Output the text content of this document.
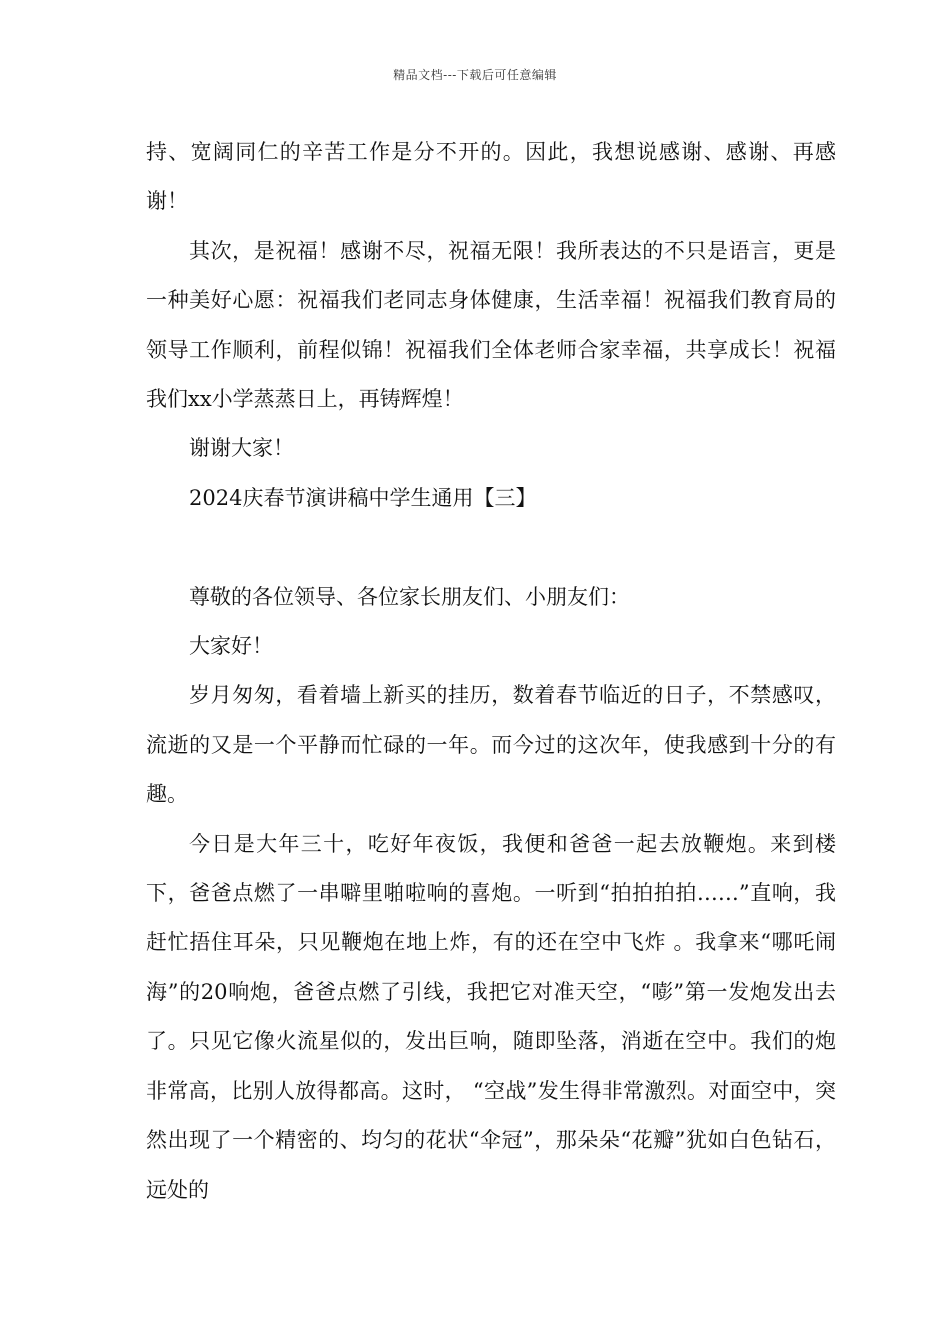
精品文档---下载后可任意编辑

持、宽阔同仁的辛苦工作是分不开的。因此，我想说感谢、感谢、再感谢！

其次，是祝福！感谢不尽，祝福无限！我所表达的不只是语言，更是一种美好心愿：祝福我们老同志身体健康，生活幸福！祝福我们教育局的领导工作顺利，前程似锦！祝福我们全体老师合家幸福，共享成长！祝福我们xx小学蒸蒸日上，再铸辉煌！

谢谢大家！

2024庆春节演讲稿中学生通用【三】

尊敬的各位领导、各位家长朋友们、小朋友们：

大家好！

岁月匆匆，看着墙上新买的挂历，数着春节临近的日子，不禁感叹，流逝的又是一个平静而忙碌的一年。而今过的这次年，使我感到十分的有趣。

今日是大年三十，吃好年夜饭，我便和爸爸一起去放鞭炮。来到楼下，爸爸点燃了一串噼里啪啦响的喜炮。一听到“拍拍拍拍……”直响，我赶忙捂住耳朵，只见鞭炮在地上炸，有的还在空中飞炸 。我拿来“哪吒闹海”的20响炮，爸爸点燃了引线，我把它对准天空，“嘭”第一发炮发出去了。只见它像火流星似的，发出巨响，随即坠落，消逝在空中。我们的炮非常高，比别人放得都高。这时， “空战”发生得非常激烈。对面空中，突然出现了一个精密的、均匀的花状“伞冠”，那朵朵“花瓣”犹如白色钻石，远处的
